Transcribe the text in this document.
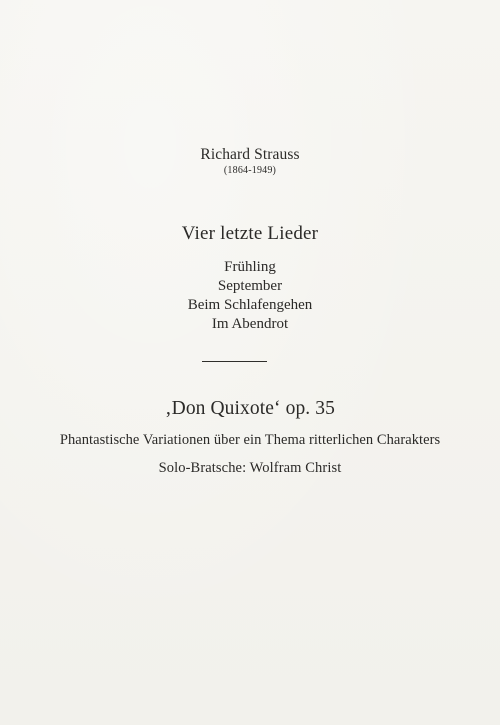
Richard Strauss
(1864-1949)
Vier letzte Lieder
Frühling
September
Beim Schlafengehen
Im Abendrot
‚Don Quixote‘ op. 35
Phantastische Variationen über ein Thema ritterlichen Charakters
Solo-Bratsche: Wolfram Christ
